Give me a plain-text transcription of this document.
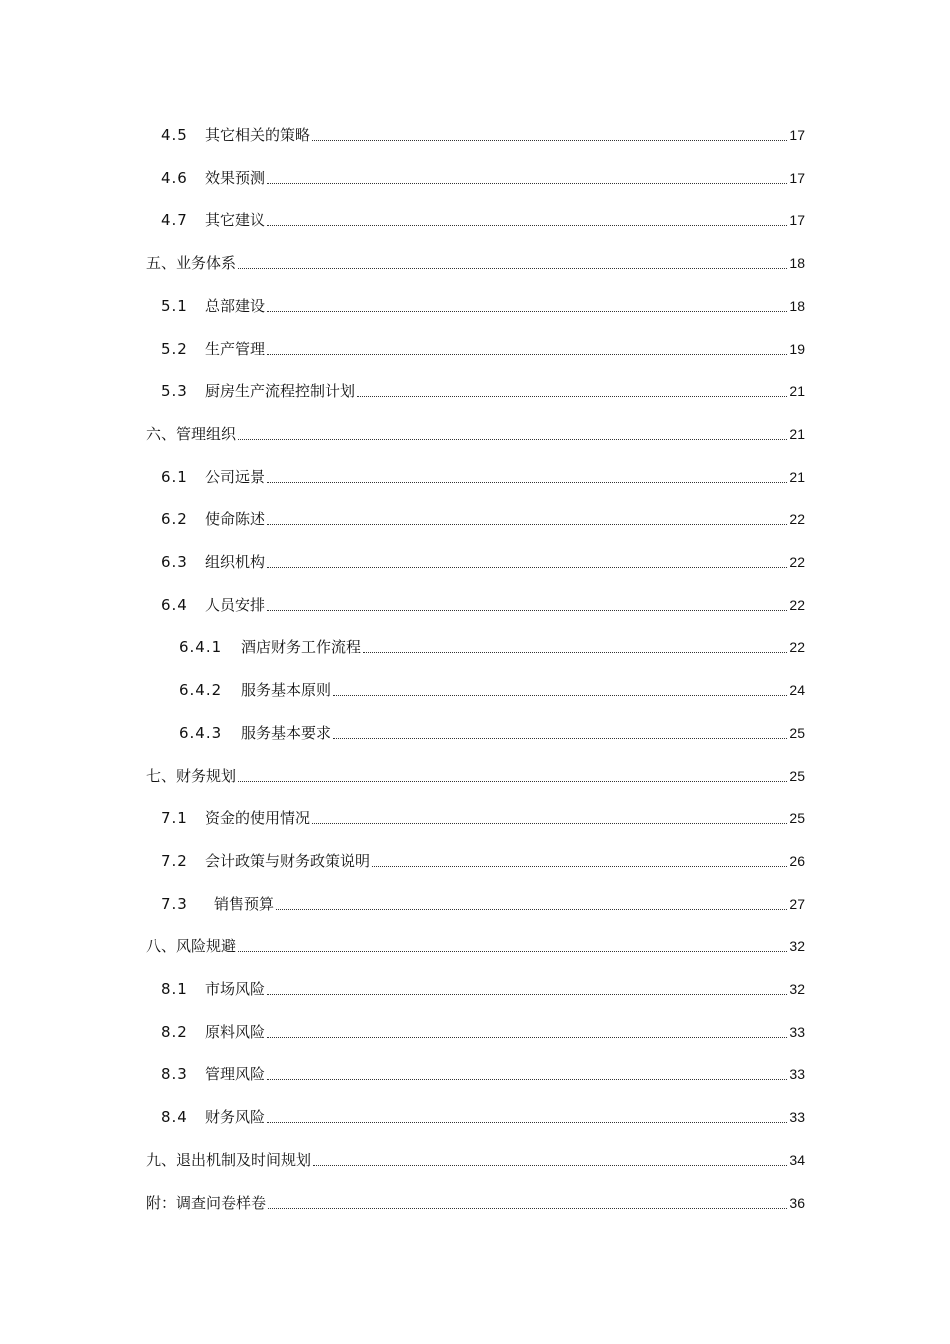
4.5	其它相关的策略	17
4.6	效果预测	17
4.7	其它建议	17
五、业务体系	18
5.1	总部建设	18
5.2	生产管理	19
5.3	厨房生产流程控制计划	21
六、管理组织	21
6.1	公司远景	21
6.2	使命陈述	22
6.3	组织机构	22
6.4	人员安排	22
6.4.1	酒店财务工作流程	22
6.4.2	服务基本原则	24
6.4.3	服务基本要求	25
七、财务规划	25
7.1	资金的使用情况	25
7.2	会计政策与财务政策说明	26
7.3	销售预算	27
八、风险规避	32
8.1	市场风险	32
8.2	原料风险	33
8.3	管理风险	33
8.4	财务风险	33
九、退出机制及时间规划	34
附：调查问卷样卷	36
